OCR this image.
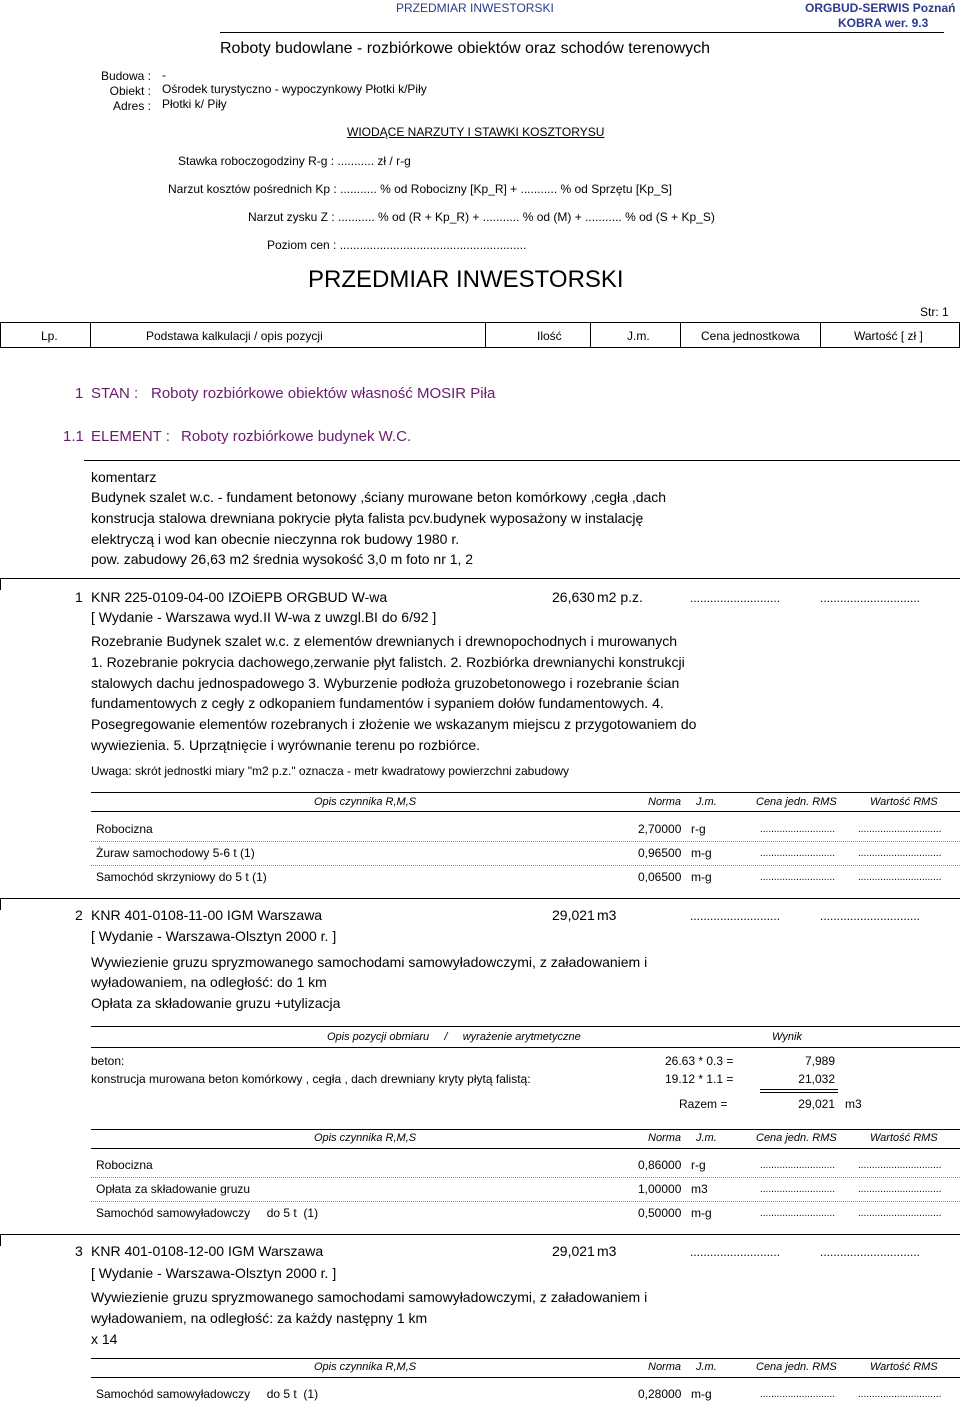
PRZEDMIAR INWESTORSKI	ORGBUD-SERWIS Poznań
KOBRA wer. 9.3
Roboty budowlane - rozbiórkowe obiektów oraz schodów terenowych
Budowa : -
Obiekt : Ośrodek turystyczno - wypoczynkowy Płotki k/Piły
Adres : Płotki k/ Piły
WIODĄCE NARZUTY I STAWKI KOSZTORYSU
Stawka roboczogodziny R-g : ........... zł / r-g
Narzut kosztów pośrednich Kp : ........... % od Robocizny [Kp_R] + ........... % od Sprzętu [Kp_S]
Narzut zysku Z : ........... % od (R + Kp_R) + ........... % od (M) + ........... % od (S + Kp_S)
Poziom cen : ........................................................
PRZEDMIAR INWESTORSKI
Str: 1
Lp.	Podstawa kalkulacji / opis pozycji	Ilość	J.m.	Cena jednostkowa	Wartość [ zł ]
1 STAN : Roboty rozbiórkowe obiektów własność MOSIR Piła
1.1 ELEMENT : Roboty rozbiórkowe budynek W.C.
komentarz
Budynek szalet w.c. - fundament betonowy ,ściany murowane beton komórkowy ,cegła ,dach
konstrucja stalowa drewniana pokrycie płyta falista pcv.budynek wyposażony w instalację
elektryczą i wod kan obecnie nieczynna rok budowy 1980 r.
pow. zabudowy 26,63 m2 średnia wysokość 3,0 m foto nr 1, 2
1 KNR 225-0109-04-00 IZOiEPB ORGBUD W-wa	26,630 m2 p.z.	...........................	..............................
[ Wydanie - Warszawa wyd.II W-wa z uwzgl.BI do 6/92 ]
Rozebranie Budynek szalet w.c. z elementów drewnianych i drewnopochodnych i murowanych
1. Rozebranie pokrycia dachowego,zerwanie płyt falistch. 2. Rozbiórka drewnianychi konstrukcji
stalowych dachu jednospadowego 3. Wyburzenie podłoża gruzobetonowego i rozebranie ścian
fundamentowych z cegły z odkopaniem fundamentów i sypaniem dołów fundamentowych. 4.
Posegregowanie elementów rozebranych i złożenie we wskazanym miejscu z przygotowaniem do
wywiezienia. 5. Uprzątnięcie i wyrównanie terenu po rozbiórce.
Uwaga: skrót jednostki miary "m2 p.z." oznacza - metr kwadratowy powierzchni zabudowy
Opis czynnika R,M,S	Norma J.m.	Cena jedn. RMS	Wartość RMS
Robocizna	2,70000 r-g	........................... ..............................
Żuraw samochodowy 5-6 t (1)	0,96500 m-g	........................... ..............................
Samochód skrzyniowy do 5 t (1)	0,06500 m-g	........................... ..............................
2 KNR 401-0108-11-00 IGM Warszawa	29,021 m3	...........................	..............................
[ Wydanie - Warszawa-Olsztyn 2000 r. ]
Wywiezienie gruzu spryzmowanego samochodami samowyładowczymi, z załadowaniem i
wyładowaniem, na odległość: do 1 km
Opłata za składowanie gruzu +utylizacja
Opis pozycji obmiaru     /     wyrażenie arytmetyczne	Wynik
beton:	26.63 * 0.3 =	7,989
konstrucja murowana beton komórkowy , cegła , dach drewniany kryty płytą falistą:	19.12 * 1.1 =	21,032
Razem =	29,021 m3
Opis czynnika R,M,S	Norma J.m.	Cena jedn. RMS	Wartość RMS
Robocizna	0,86000 r-g	........................... ..............................
Opłata za składowanie gruzu	1,00000 m3	........................... ..............................
Samochód samowyładowczy     do 5 t  (1)	0,50000 m-g	........................... ..............................
3 KNR 401-0108-12-00 IGM Warszawa	29,021 m3	...........................	..............................
[ Wydanie - Warszawa-Olsztyn 2000 r. ]
Wywiezienie gruzu spryzmowanego samochodami samowyładowczymi, z załadowaniem i
wyładowaniem, na odległość: za każdy następny 1 km
x 14
Opis czynnika R,M,S	Norma J.m.	Cena jedn. RMS	Wartość RMS
Samochód samowyładowczy     do 5 t  (1)	0,28000 m-g	........................... ..............................
